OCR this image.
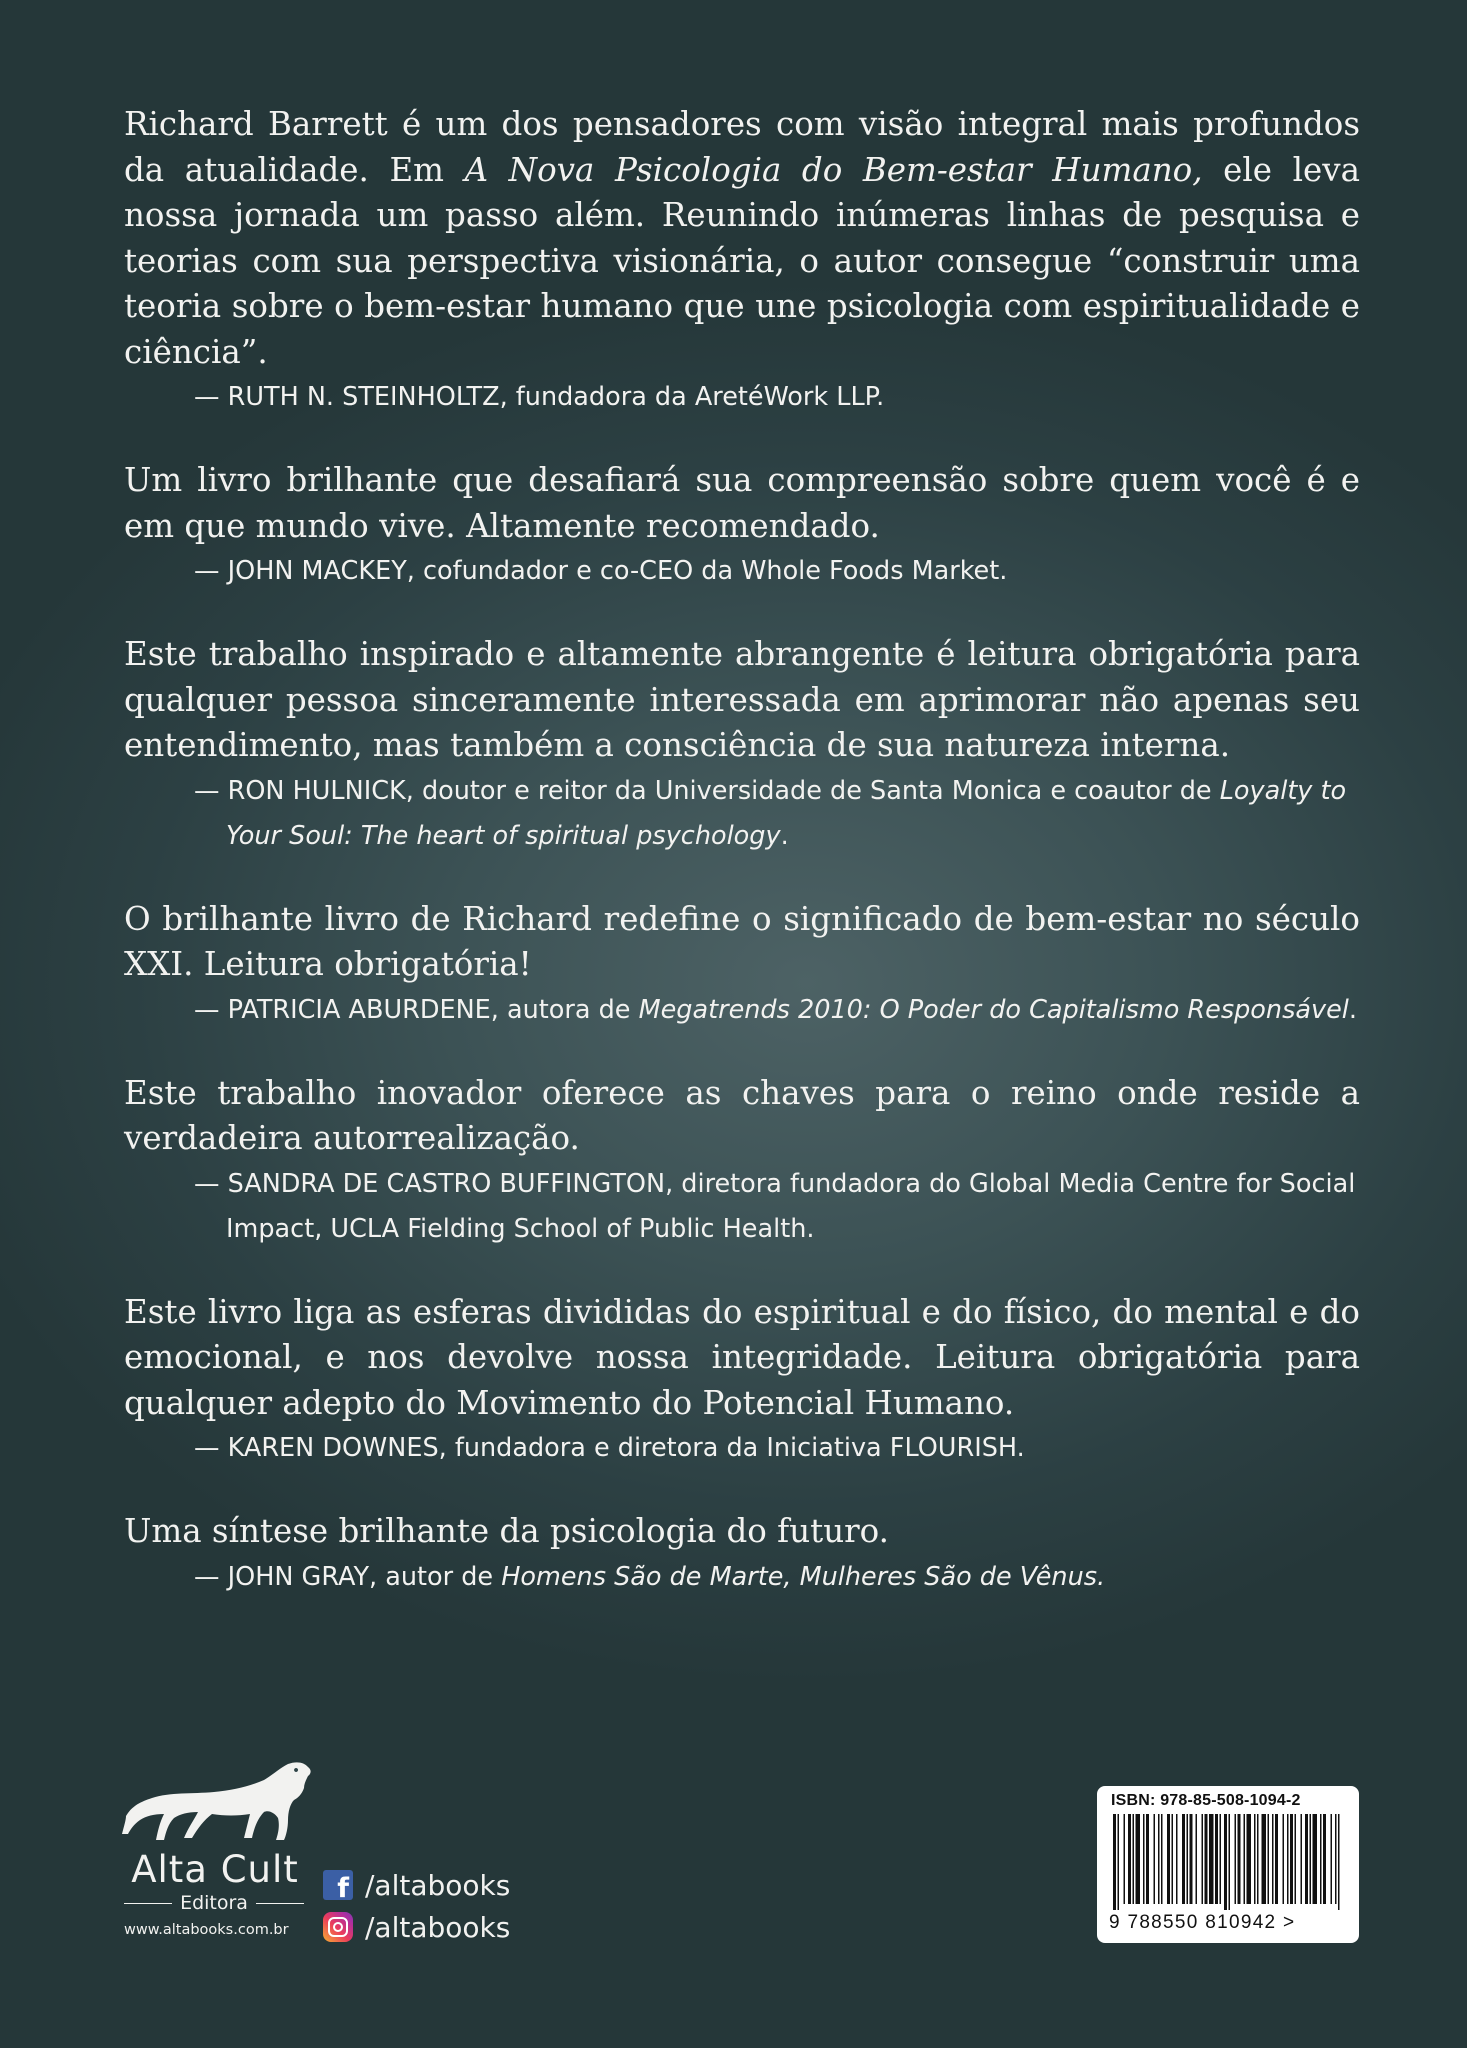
Richard Barrett é um dos pensadores com visão integral mais profundos da atualidade. Em A Nova Psicologia do Bem-estar Humano, ele leva nossa jornada um passo além. Reunindo inúmeras linhas de pesquisa e teorias com sua perspectiva visionária, o autor consegue “construir uma teoria sobre o bem-estar humano que une psicologia com espiritualidade e ciência”.

— RUTH N. STEINHOLTZ, fundadora da AretéWork LLP.

Um livro brilhante que desafiará sua compreensão sobre quem você é e em que mundo vive. Altamente recomendado.

— JOHN MACKEY, cofundador e co-CEO da Whole Foods Market.

Este trabalho inspirado e altamente abrangente é leitura obrigatória para qualquer pessoa sinceramente interessada em aprimorar não apenas seu entendimento, mas também a consciência de sua natureza interna.

— RON HULNICK, doutor e reitor da Universidade de Santa Monica e coautor de Loyalty to Your Soul: The heart of spiritual psychology.

O brilhante livro de Richard redefine o significado de bem-estar no século XXI. Leitura obrigatória!

— PATRICIA ABURDENE, autora de Megatrends 2010: O Poder do Capitalismo Responsável.

Este trabalho inovador oferece as chaves para o reino onde reside a verdadeira autorrealização.

— SANDRA DE CASTRO BUFFINGTON, diretora fundadora do Global Media Centre for Social Impact, UCLA Fielding School of Public Health.

Este livro liga as esferas divididas do espiritual e do físico, do mental e do emocional, e nos devolve nossa integridade. Leitura obrigatória para qualquer adepto do Movimento do Potencial Humano.

— KAREN DOWNES, fundadora e diretora da Iniciativa FLOURISH.

Uma síntese brilhante da psicologia do futuro.

— JOHN GRAY, autor de Homens São de Marte, Mulheres São de Vênus.

Alta Cult
Editora
www.altabooks.com.br
f /altabooks
/altabooks
ISBN: 978-85-508-1094-2
9 788550 810942 >
